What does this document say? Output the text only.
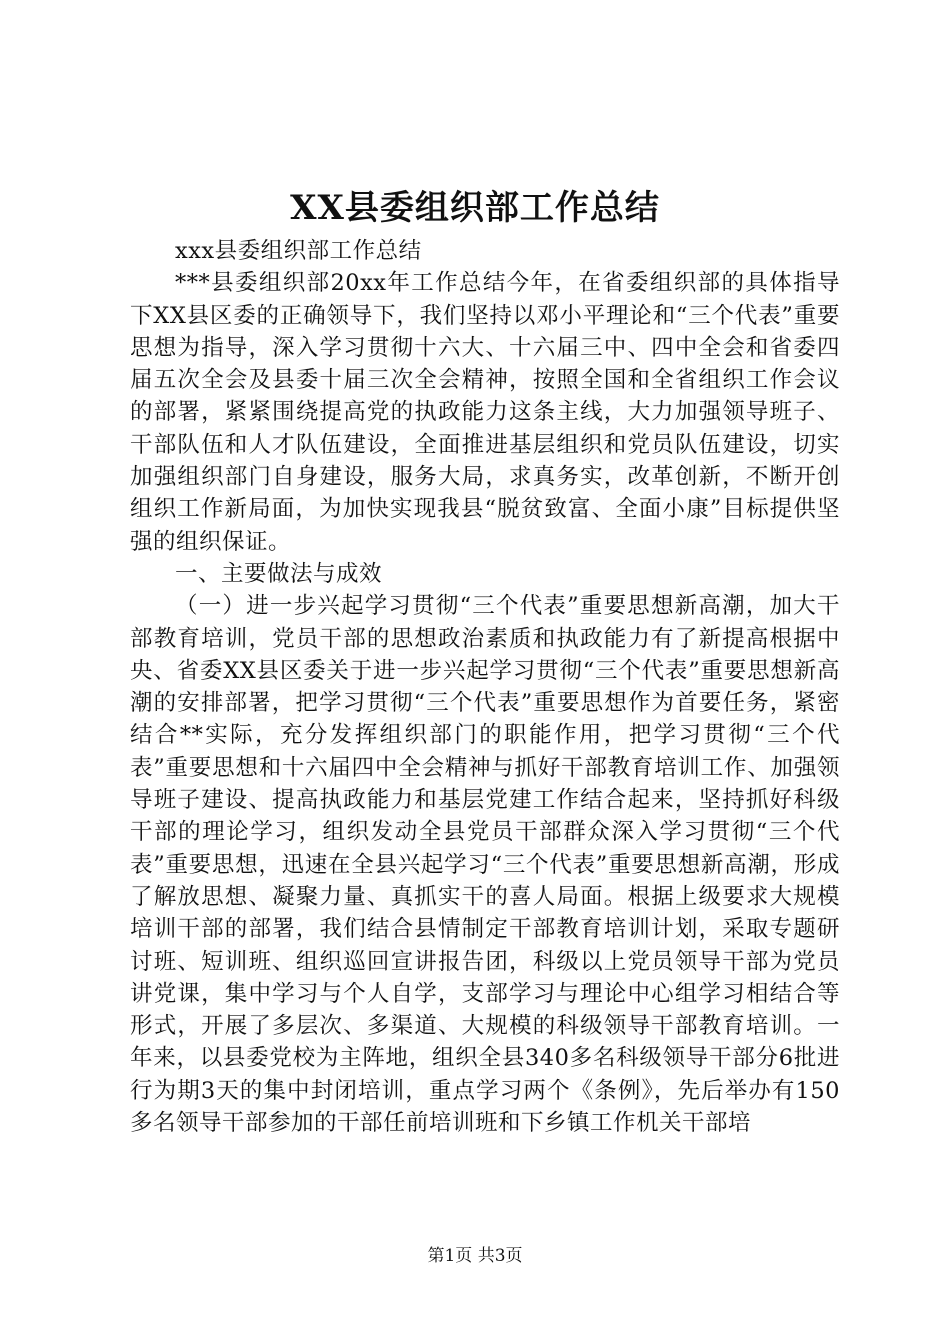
XX县委组织部工作总结

xxx县委组织部工作总结

***县委组织部20xx年工作总结今年，在省委组织部的具体指导下XX县区委的正确领导下，我们坚持以邓小平理论和“三个代表”重要思想为指导，深入学习贯彻十六大、十六届三中、四中全会和省委四届五次全会及县委十届三次全会精神，按照全国和全省组织工作会议的部署，紧紧围绕提高党的执政能力这条主线，大力加强领导班子、干部队伍和人才队伍建设，全面推进基层组织和党员队伍建设，切实加强组织部门自身建设，服务大局，求真务实，改革创新，不断开创组织工作新局面，为加快实现我县“脱贫致富、全面小康”目标提供坚强的组织保证。

一、主要做法与成效

（一）进一步兴起学习贯彻“三个代表”重要思想新高潮，加大干部教育培训，党员干部的思想政治素质和执政能力有了新提高根据中央、省委XX县区委关于进一步兴起学习贯彻“三个代表”重要思想新高潮的安排部署，把学习贯彻“三个代表”重要思想作为首要任务，紧密结合**实际，充分发挥组织部门的职能作用，把学习贯彻“三个代表”重要思想和十六届四中全会精神与抓好干部教育培训工作、加强领导班子建设、提高执政能力和基层党建工作结合起来，坚持抓好科级干部的理论学习，组织发动全县党员干部群众深入学习贯彻“三个代表”重要思想，迅速在全县兴起学习“三个代表”重要思想新高潮，形成了解放思想、凝聚力量、真抓实干的喜人局面。根据上级要求大规模培训干部的部署，我们结合县情制定干部教育培训计划，采取专题研讨班、短训班、组织巡回宣讲报告团，科级以上党员领导干部为党员讲党课，集中学习与个人自学，支部学习与理论中心组学习相结合等形式，开展了多层次、多渠道、大规模的科级领导干部教育培训。一年来，以县委党校为主阵地，组织全县340多名科级领导干部分6批进行为期3天的集中封闭培训，重点学习两个《条例》，先后举办有150多名领导干部参加的干部任前培训班和下乡镇工作机关干部培

第1页 共3页
